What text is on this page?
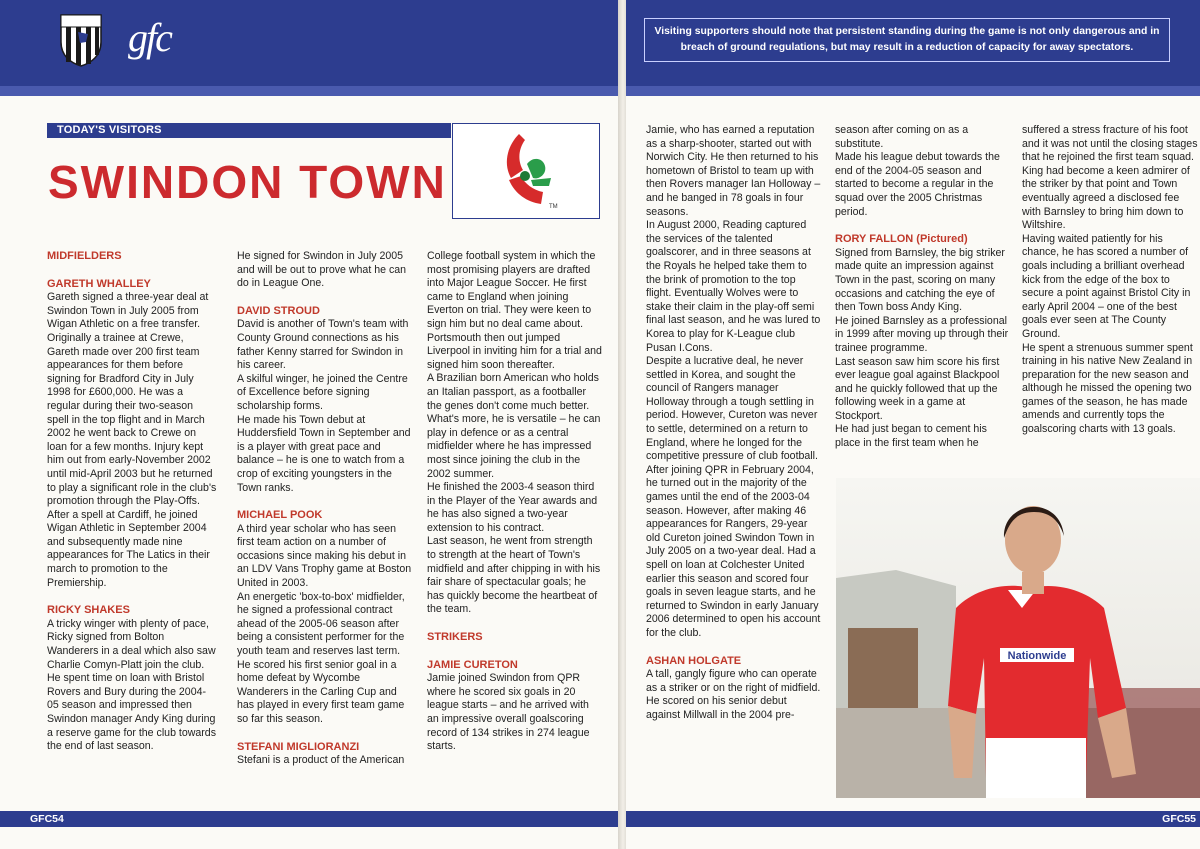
gfc
TODAY'S VISITORS
SWINDON TOWN	TM

MIDFIELDERS

GARETH WHALLEY

Gareth signed a three-year deal at Swindon Town in July 2005 from Wigan Athletic on a free transfer. Originally a trainee at Crewe, Gareth made over 200 first team appearances for them before signing for Bradford City in July 1998 for £600,000. He was a regular during their two-season spell in the top flight and in March 2002 he went back to Crewe on loan for a few months. Injury kept him out from early-November 2002 until mid-April 2003 but he returned to play a significant role in the club's promotion through the Play-Offs. After a spell at Cardiff, he joined Wigan Athletic in September 2004 and subsequently made nine appearances for The Latics in their march to promotion to the Premiership.

RICKY SHAKES

A tricky winger with plenty of pace, Ricky signed from Bolton Wanderers in a deal which also saw Charlie Comyn-Platt join the club.

He spent time on loan with Bristol Rovers and Bury during the 2004-05 season and impressed then Swindon manager Andy King during a reserve game for the club towards the end of last season.

He signed for Swindon in July 2005 and will be out to prove what he can do in League One.

DAVID STROUD

David is another of Town's team with County Ground connections as his father Kenny starred for Swindon in his career.

A skilful winger, he joined the Centre of Excellence before signing scholarship forms.

He made his Town debut at Huddersfield Town in September and is a player with great pace and balance – he is one to watch from a crop of exciting youngsters in the Town ranks.

MICHAEL POOK

A third year scholar who has seen first team action on a number of occasions since making his debut in an LDV Vans Trophy game at Boston United in 2003.

An energetic 'box-to-box' midfielder, he signed a professional contract ahead of the 2005-06 season after being a consistent performer for the youth team and reserves last term.

He scored his first senior goal in a home defeat by Wycombe Wanderers in the Carling Cup and has played in every first team game so far this season.

STEFANI MIGLIORANZI

Stefani is a product of the American

College football system in which the most promising players are drafted into Major League Soccer. He first came to England when joining Everton on trial. They were keen to sign him but no deal came about. Portsmouth then out jumped Liverpool in inviting him for a trial and signed him soon thereafter.

A Brazilian born American who holds an Italian passport, as a footballer the genes don't come much better. What's more, he is versatile – he can play in defence or as a central midfielder where he has impressed most since joining the club in the 2002 summer.

He finished the 2003-4 season third in the Player of the Year awards and he has also signed a two-year extension to his contract.

Last season, he went from strength to strength at the heart of Town's midfield and after chipping in with his fair share of spectacular goals; he has quickly become the heartbeat of the team.

STRIKERS

JAMIE CURETON

Jamie joined Swindon from QPR where he scored six goals in 20 league starts – and he arrived with an impressive overall goalscoring record of 134 strikes in 274 league starts.

GFC54
Visiting supporters should note that persistent standing during the game is not only dangerous and in breach of ground regulations, but may result in a reduction of capacity for away spectators.

Jamie, who has earned a reputation as a sharp-shooter, started out with Norwich City. He then returned to his hometown of Bristol to team up with then Rovers manager Ian Holloway – and he banged in 78 goals in four seasons.

In August 2000, Reading captured the services of the talented goalscorer, and in three seasons at the Royals he helped take them to the brink of promotion to the top flight. Eventually Wolves were to stake their claim in the play-off semi final last season, and he was lured to Korea to play for K-League club Pusan I.Cons.

Despite a lucrative deal, he never settled in Korea, and sought the council of Rangers manager Holloway through a tough settling in period. However, Cureton was never to settle, determined on a return to England, where he longed for the competitive pressure of club football.

After joining QPR in February 2004, he turned out in the majority of the games until the end of the 2003-04 season. However, after making 46 appearances for Rangers, 29-year old Cureton joined Swindon Town in July 2005 on a two-year deal. Had a spell on loan at Colchester United earlier this season and scored four goals in seven league starts, and he returned to Swindon in early January 2006 determined to open his account for the club.

ASHAN HOLGATE

A tall, gangly figure who can operate as a striker or on the right of midfield.

He scored on his senior debut against Millwall in the 2004 pre-

season after coming on as a substitute.

Made his league debut towards the end of the 2004-05 season and started to become a regular in the squad over the 2005 Christmas period.

RORY FALLON (Pictured)

Signed from Barnsley, the big striker made quite an impression against Town in the past, scoring on many occasions and catching the eye of then Town boss Andy King.

He joined Barnsley as a professional in 1999 after moving up through their trainee programme.

Last season saw him score his first ever league goal against Blackpool and he quickly followed that up the following week in a game at Stockport.

He had just began to cement his place in the first team when he

suffered a stress fracture of his foot and it was not until the closing stages that he rejoined the first team squad.

King had become a keen admirer of the striker by that point and Town eventually agreed a disclosed fee with Barnsley to bring him down to Wiltshire.

Having waited patiently for his chance, he has scored a number of goals including a brilliant overhead kick from the edge of the box to secure a point against Bristol City in early April 2004 – one of the best goals ever seen at The County Ground.

He spent a strenuous summer spent training in his native New Zealand in preparation for the new season and although he missed the opening two games of the season, he has made amends and currently tops the goalscoring charts with 13 goals.

Nationwide
GFC55
